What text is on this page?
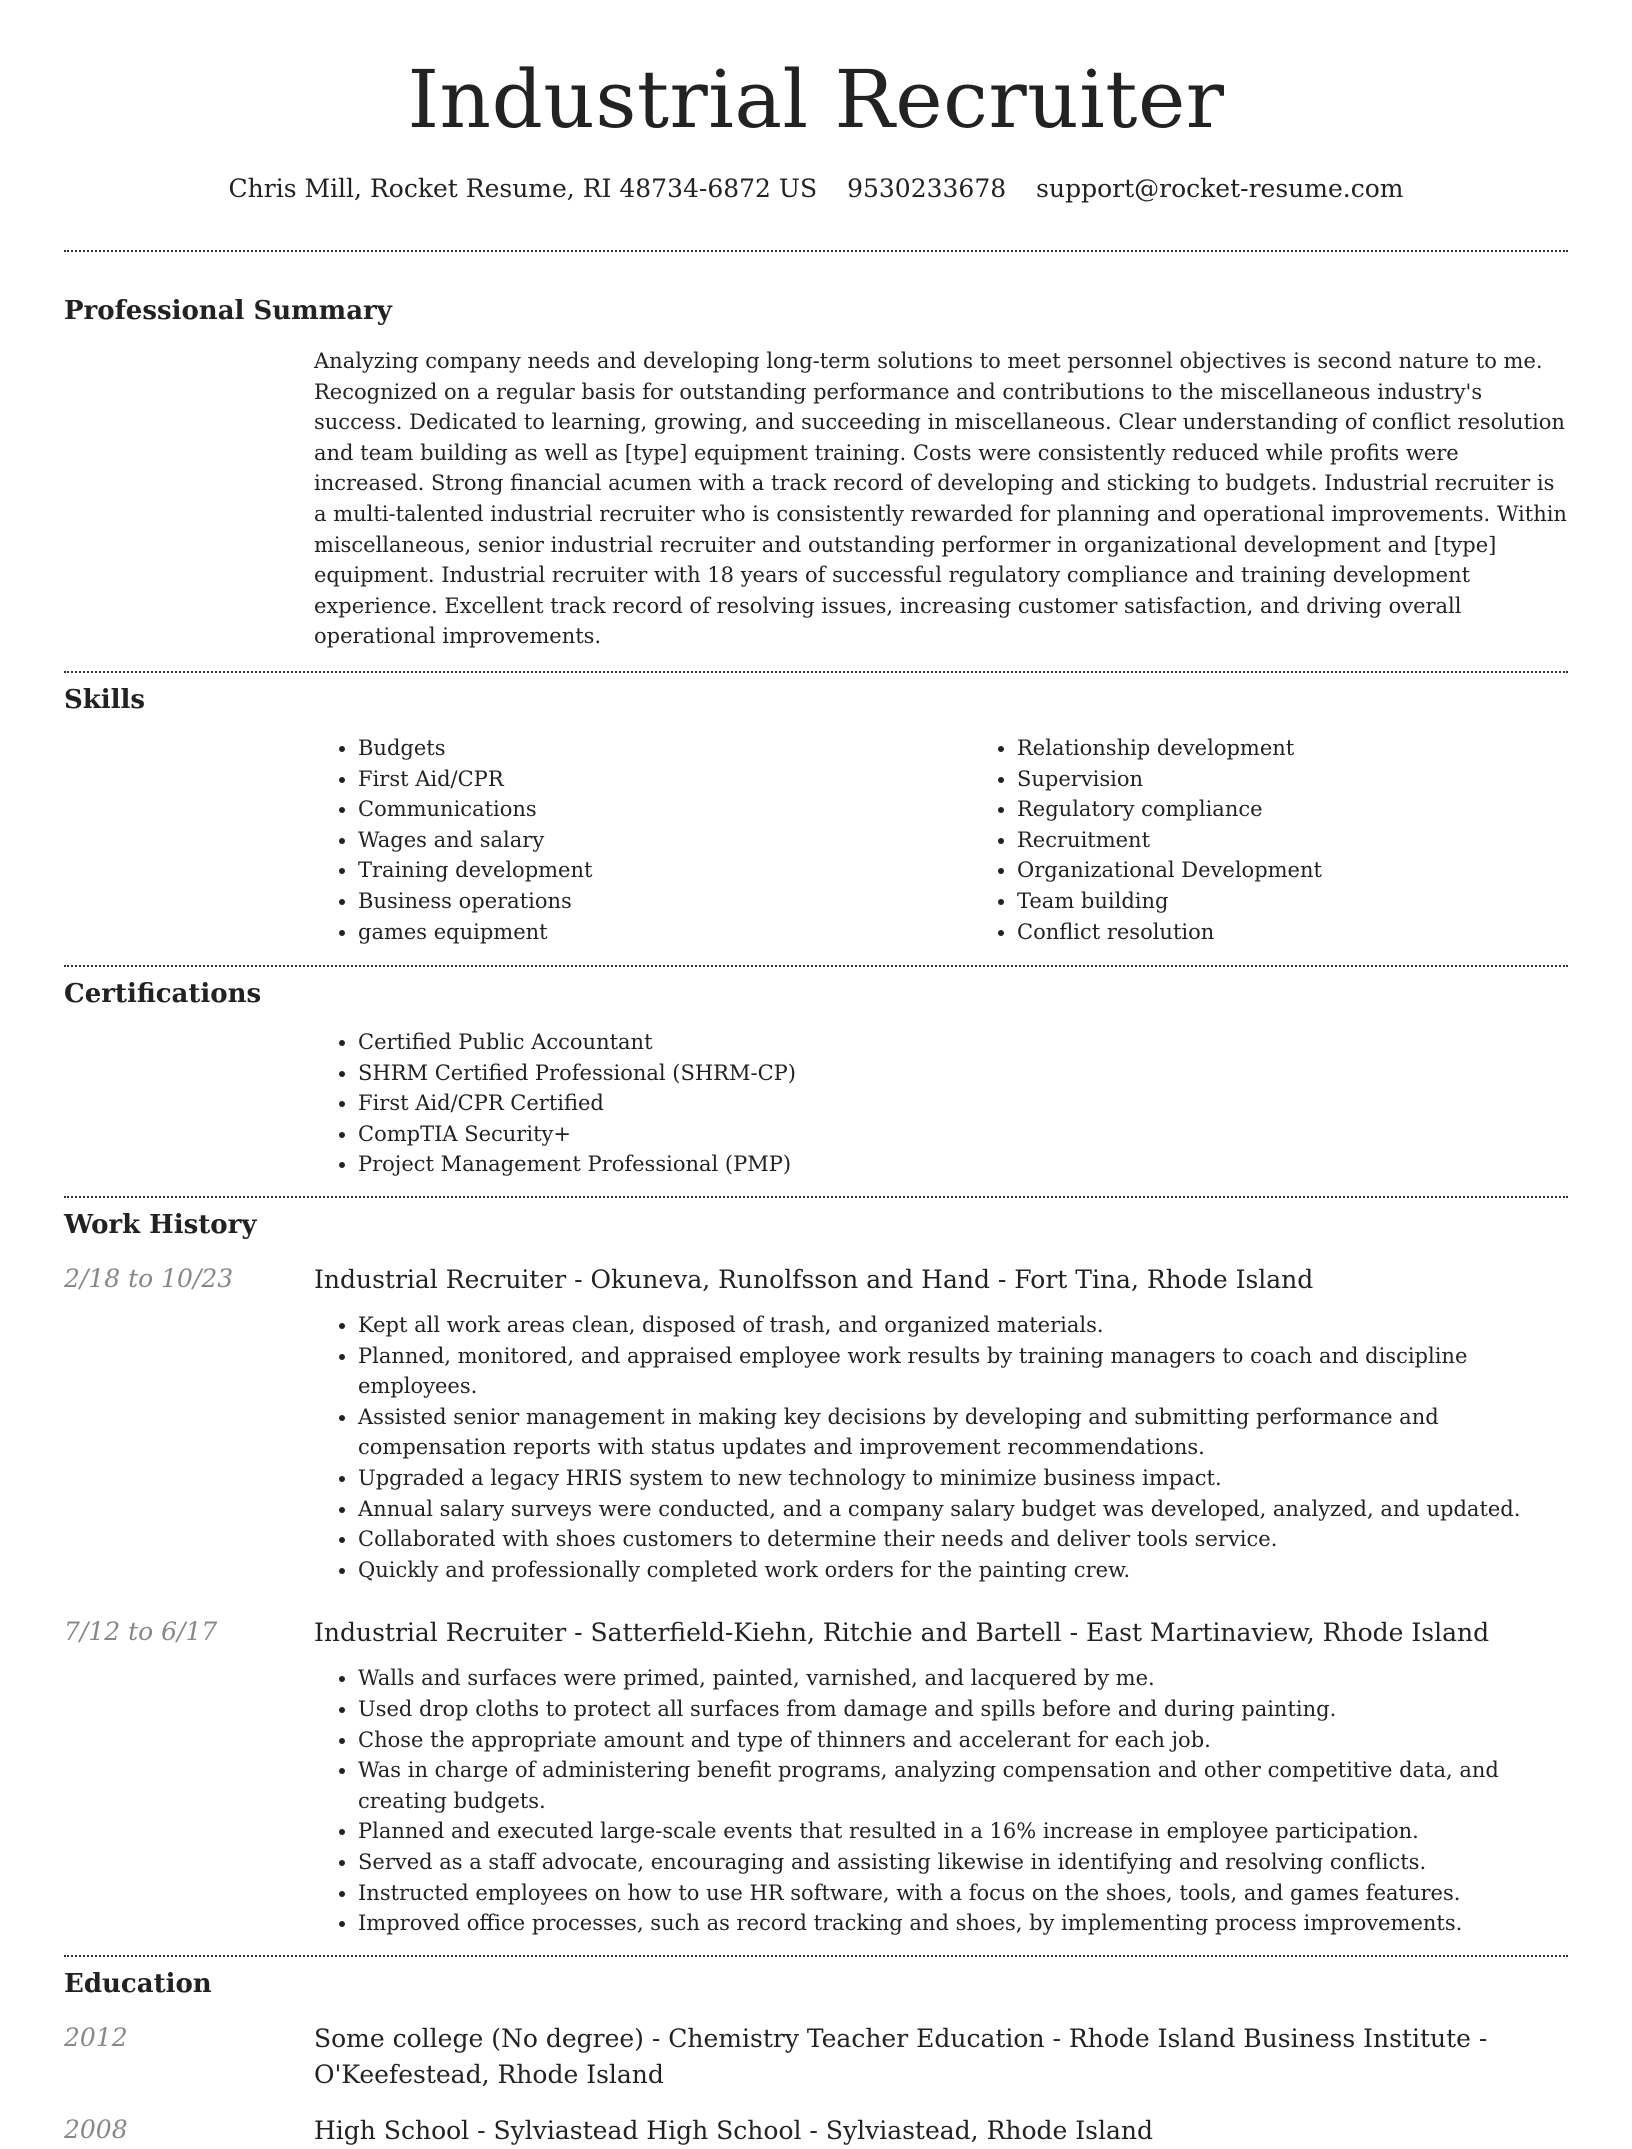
Industrial Recruiter
Chris Mill, Rocket Resume, RI 48734-6872 US 9530233678 support@rocket-resume.com
Professional Summary
Analyzing company needs and developing long-term solutions to meet personnel objectives is second nature to me. Recognized on a regular basis for outstanding performance and contributions to the miscellaneous industry's success. Dedicated to learning, growing, and succeeding in miscellaneous. Clear understanding of conflict resolution and team building as well as [type] equipment training. Costs were consistently reduced while profits were increased. Strong financial acumen with a track record of developing and sticking to budgets. Industrial recruiter is a multi-talented industrial recruiter who is consistently rewarded for planning and operational improvements. Within miscellaneous, senior industrial recruiter and outstanding performer in organizational development and [type] equipment. Industrial recruiter with 18 years of successful regulatory compliance and training development experience. Excellent track record of resolving issues, increasing customer satisfaction, and driving overall operational improvements.
Skills
• Budgets
• First Aid/CPR
• Communications
• Wages and salary
• Training development
• Business operations
• games equipment
• Relationship development
• Supervision
• Regulatory compliance
• Recruitment
• Organizational Development
• Team building
• Conflict resolution
Certifications
• Certified Public Accountant
• SHRM Certified Professional (SHRM-CP)
• First Aid/CPR Certified
• CompTIA Security+
• Project Management Professional (PMP)
Work History
2/18 to 10/23	Industrial Recruiter - Okuneva, Runolfsson and Hand - Fort Tina, Rhode Island
• Kept all work areas clean, disposed of trash, and organized materials.
• Planned, monitored, and appraised employee work results by training managers to coach and discipline employees.
• Assisted senior management in making key decisions by developing and submitting performance and compensation reports with status updates and improvement recommendations.
• Upgraded a legacy HRIS system to new technology to minimize business impact.
• Annual salary surveys were conducted, and a company salary budget was developed, analyzed, and updated.
• Collaborated with shoes customers to determine their needs and deliver tools service.
• Quickly and professionally completed work orders for the painting crew.
7/12 to 6/17	Industrial Recruiter - Satterfield-Kiehn, Ritchie and Bartell - East Martinaview, Rhode Island
• Walls and surfaces were primed, painted, varnished, and lacquered by me.
• Used drop cloths to protect all surfaces from damage and spills before and during painting.
• Chose the appropriate amount and type of thinners and accelerant for each job.
• Was in charge of administering benefit programs, analyzing compensation and other competitive data, and creating budgets.
• Planned and executed large-scale events that resulted in a 16% increase in employee participation.
• Served as a staff advocate, encouraging and assisting likewise in identifying and resolving conflicts.
• Instructed employees on how to use HR software, with a focus on the shoes, tools, and games features.
• Improved office processes, such as record tracking and shoes, by implementing process improvements.
Education
2012	Some college (No degree) - Chemistry Teacher Education - Rhode Island Business Institute - O'Keefestead, Rhode Island
2008	High School - Sylviastead High School - Sylviastead, Rhode Island
